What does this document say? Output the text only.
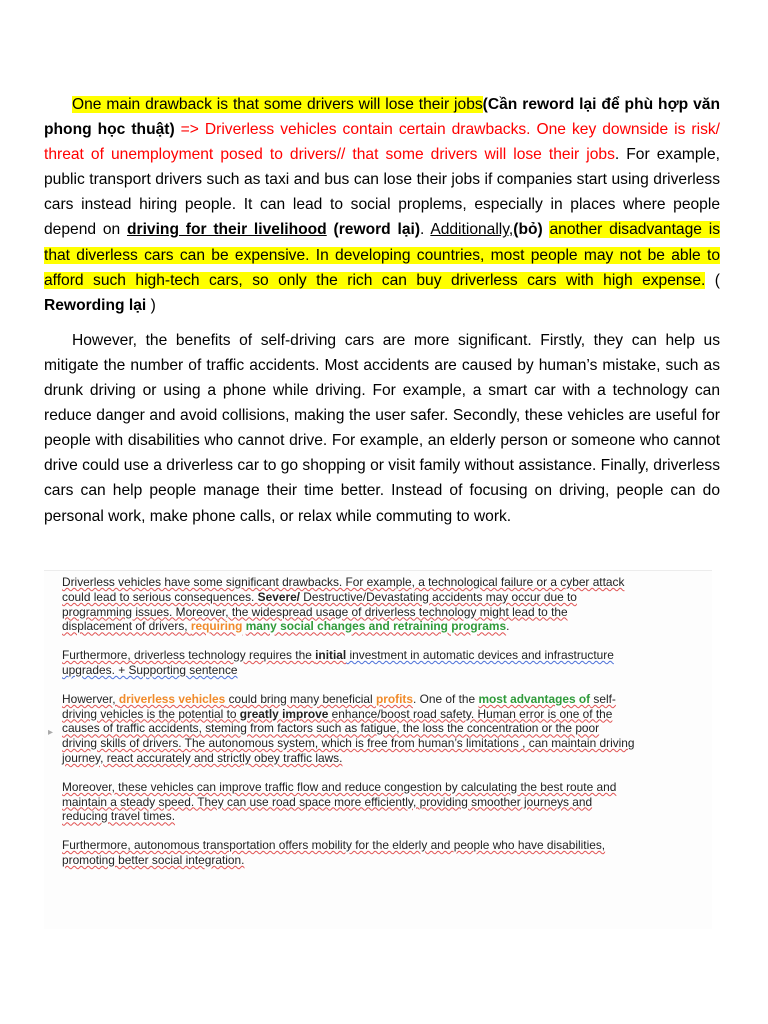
One main drawback is that some drivers will lose their jobs(Cần reword lại để phù hợp văn phong học thuật) => Driverless vehicles contain certain drawbacks. One key downside is risk/ threat of unemployment posed to drivers// that some drivers will lose their jobs. For example, public transport drivers such as taxi and bus can lose their jobs if companies start using driverless cars instead hiring people. It can lead to social proplems, especially in places where people depend on driving for their livelihood (reword lại). Additionally,(bỏ) another disadvantage is that diverless cars can be expensive. In developing countries, most people may not be able to afford such high-tech cars, so only the rich can buy driverless cars with high expense. ( Rewording lại )

However, the benefits of self-driving cars are more significant. Firstly, they can help us mitigate the number of traffic accidents. Most accidents are caused by human’s mistake, such as drunk driving or using a phone while driving. For example, a smart car with a technology can reduce danger and avoid collisions, making the user safer. Secondly, these vehicles are useful for people with disabilities who cannot drive. For example, an elderly person or someone who cannot drive could use a driverless car to go shopping or visit family without assistance. Finally, driverless cars can help people manage their time better. Instead of focusing on driving, people can do personal work, make phone calls, or relax while commuting to work.

▸

Driverless vehicles have some significant drawbacks. For example, a technological failure or a cyber attack could lead to serious consequences. Severe/ Destructive/Devastating accidents may occur due to programming issues. Moreover, the widespread usage of driverless technology might lead to the displacement of drivers, requiring many social changes and retraining programs.

Furthermore, driverless technology requires the initial investment in automatic devices and infrastructure upgrades. + Supporting sentence

Howerver, driverless vehicles could bring many beneficial profits. One of the most advantages of self-driving vehicles is the potential to greatly improve enhance/boost road safety. Human error is one of the causes of traffic accidents, steming from factors such as fatigue, the loss the concentration or the poor driving skills of drivers. The autonomous system, which is free from human’s limitations , can maintain driving journey, react accurately and strictly obey traffic laws.

Moreover, these vehicles can improve traffic flow and reduce congestion by calculating the best route and maintain a steady speed. They can use road space more efficiently, providing smoother journeys and reducing travel times.

Furthermore, autonomous transportation offers mobility for the elderly and people who have disabilities, promoting better social integration.
